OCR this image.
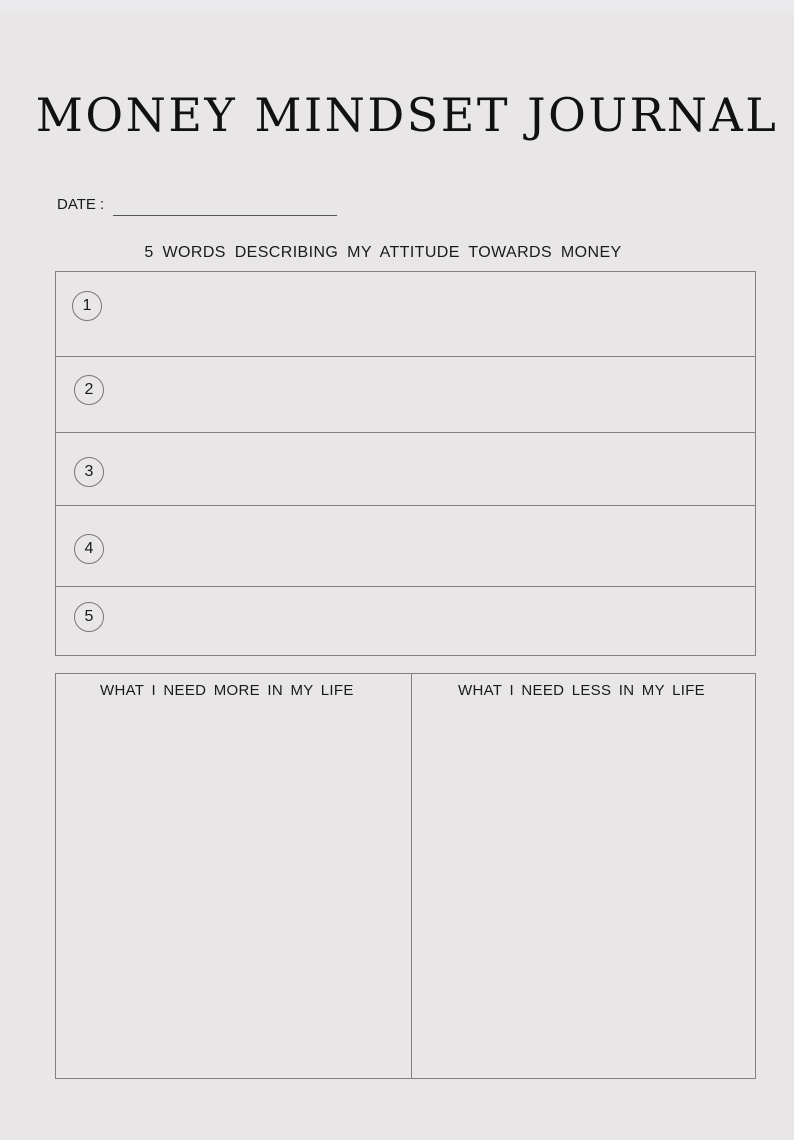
MONEY MINDSET JOURNAL
DATE :
5 WORDS DESCRIBING MY ATTITUDE TOWARDS MONEY
1
2
3
4
5
WHAT I NEED MORE IN MY LIFE	WHAT I NEED LESS IN MY LIFE
